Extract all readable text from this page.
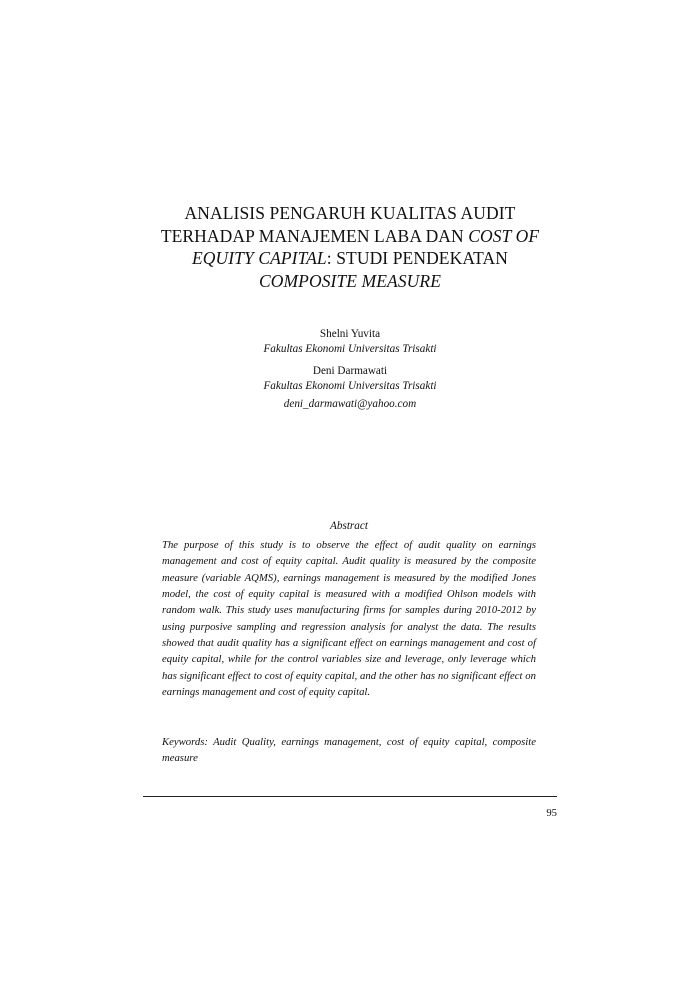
ANALISIS PENGARUH KUALITAS AUDIT
TERHADAP MANAJEMEN LABA DAN COST OF
EQUITY CAPITAL: STUDI PENDEKATAN
COMPOSITE MEASURE
Shelni Yuvita
Fakultas Ekonomi Universitas Trisakti
Deni Darmawati
Fakultas Ekonomi Universitas Trisakti
deni_darmawati@yahoo.com
Abstract

The purpose of this study is to observe the effect of audit quality on earnings management and cost of equity capital. Audit quality is measured by the composite measure (variable AQMS), earnings management is measured by the modified Jones model, the cost of equity capital is measured with a modified Ohlson models with random walk. This study uses manufacturing firms for samples during 2010-2012 by using purposive sampling and regression analysis for analyst the data. The results showed that audit quality has a significant effect on earnings management and cost of equity capital, while for the control variables size and leverage, only leverage which has significant effect to cost of equity capital, and the other has no significant effect on earnings management and cost of equity capital.

Keywords: Audit Quality, earnings management, cost of equity capital, composite measure

95
